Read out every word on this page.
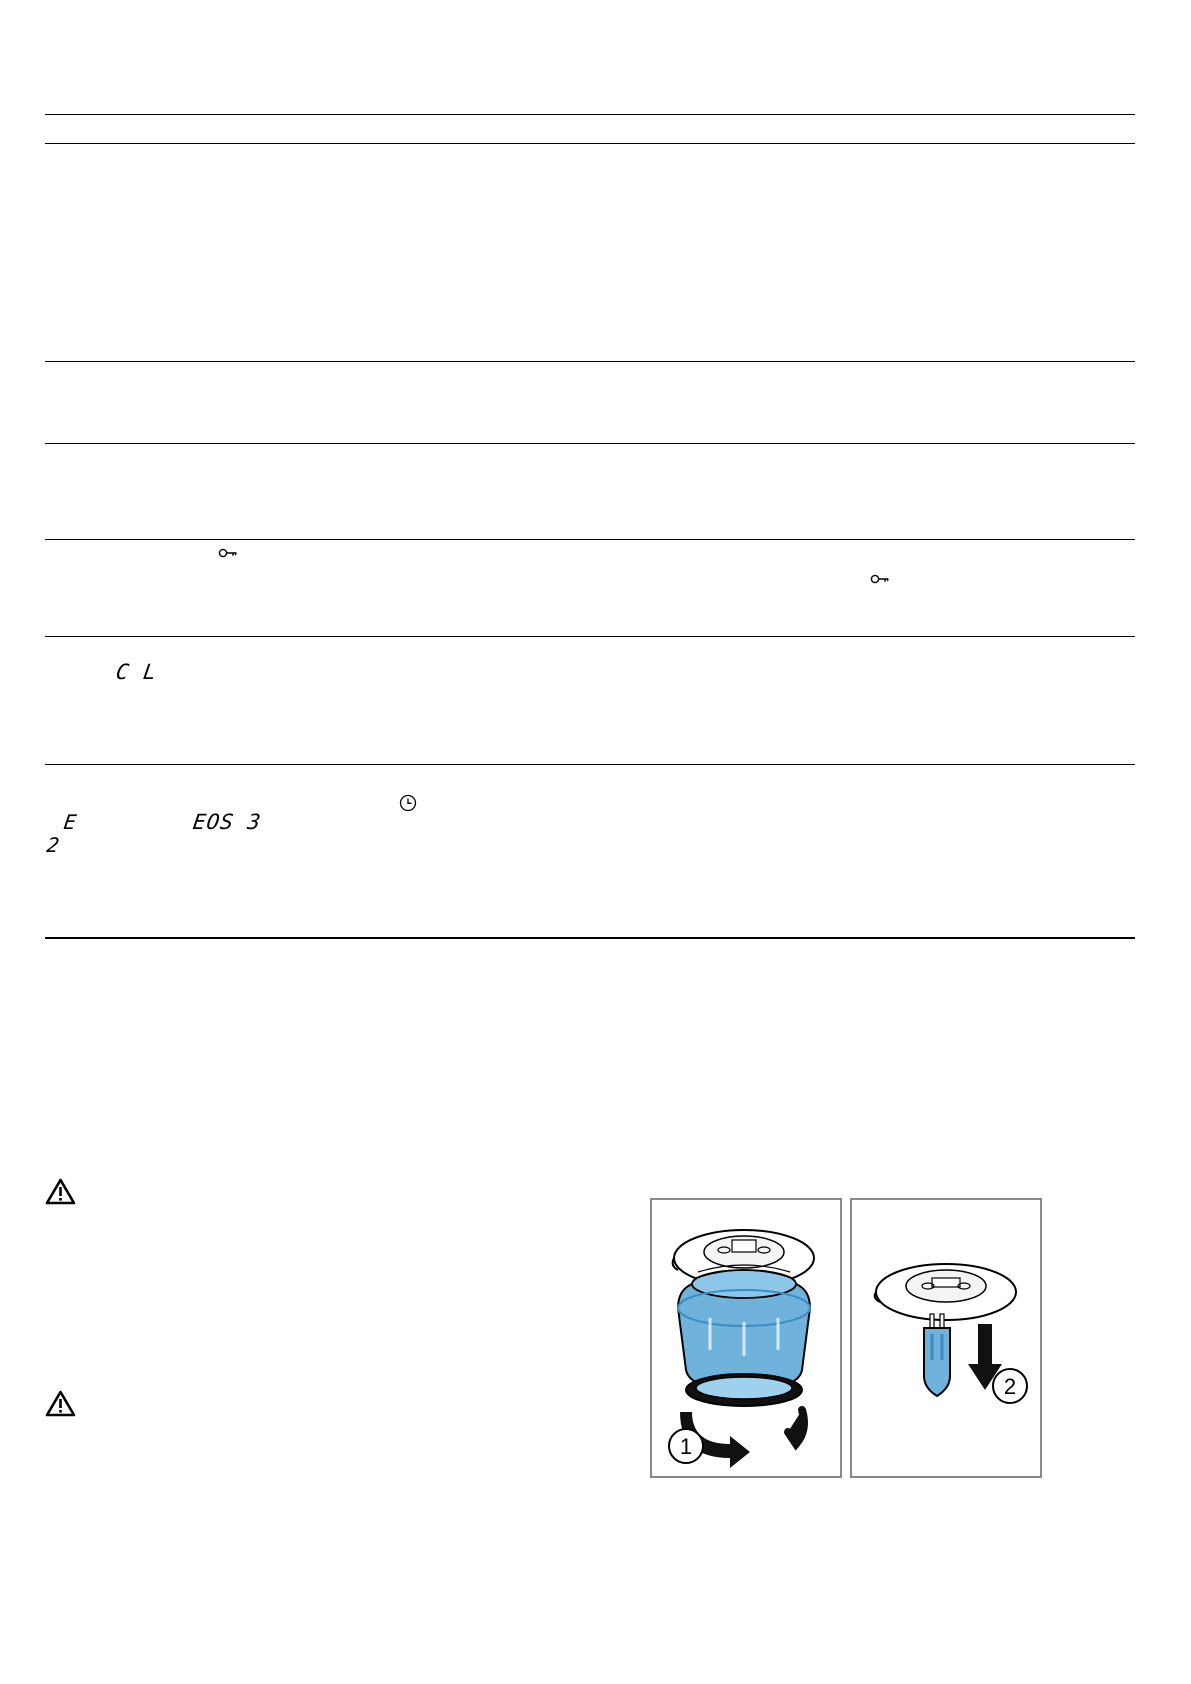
C L
E
2
EOS 3
1
2
